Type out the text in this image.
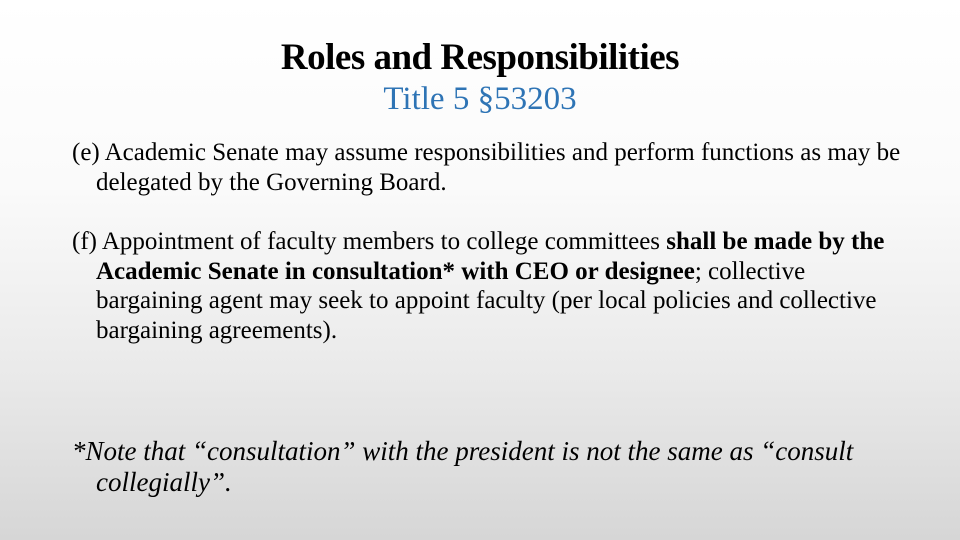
Roles and Responsibilities
Title 5 §53203

(e) Academic Senate may assume responsibilities and perform functions as may be delegated by the Governing Board.

(f) Appointment of faculty members to college committees shall be made by the Academic Senate in consultation* with CEO or designee; collective bargaining agent may seek to appoint faculty (per local policies and collective bargaining agreements).

*Note that “consultation” with the president is not the same as “consult collegially”.
